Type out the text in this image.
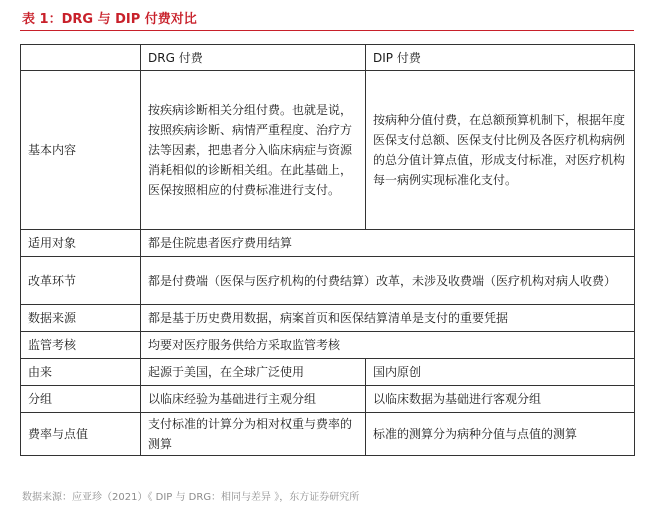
表 1：DRG 与 DIP 付费对比
	DRG 付费	DIP 付费
基本内容	按疾病诊断相关分组付费。也就是说，按照疾病诊断、病情严重程度、治疗方法等因素，把患者分入临床病症与资源消耗相似的诊断相关组。在此基础上，医保按照相应的付费标准进行支付。	按病种分值付费，在总额预算机制下，根据年度医保支付总额、医保支付比例及各医疗机构病例的总分值计算点值，形成支付标准，对医疗机构每一病例实现标准化支付。
适用对象	都是住院患者医疗费用结算	
改革环节	都是付费端（医保与医疗机构的付费结算）改革，未涉及收费端（医疗机构对病人收费）	
数据来源	都是基于历史费用数据，病案首页和医保结算清单是支付的重要凭据	
监管考核	均要对医疗服务供给方采取监管考核	
由来	起源于美国，在全球广泛使用	国内原创
分组	以临床经验为基础进行主观分组	以临床数据为基础进行客观分组
费率与点值	支付标准的计算分为相对权重与费率的测算	标准的测算分为病种分值与点值的测算
数据来源：应亚珍（2021）《 DIP 与 DRG：相同与差异 》，东方证券研究所
